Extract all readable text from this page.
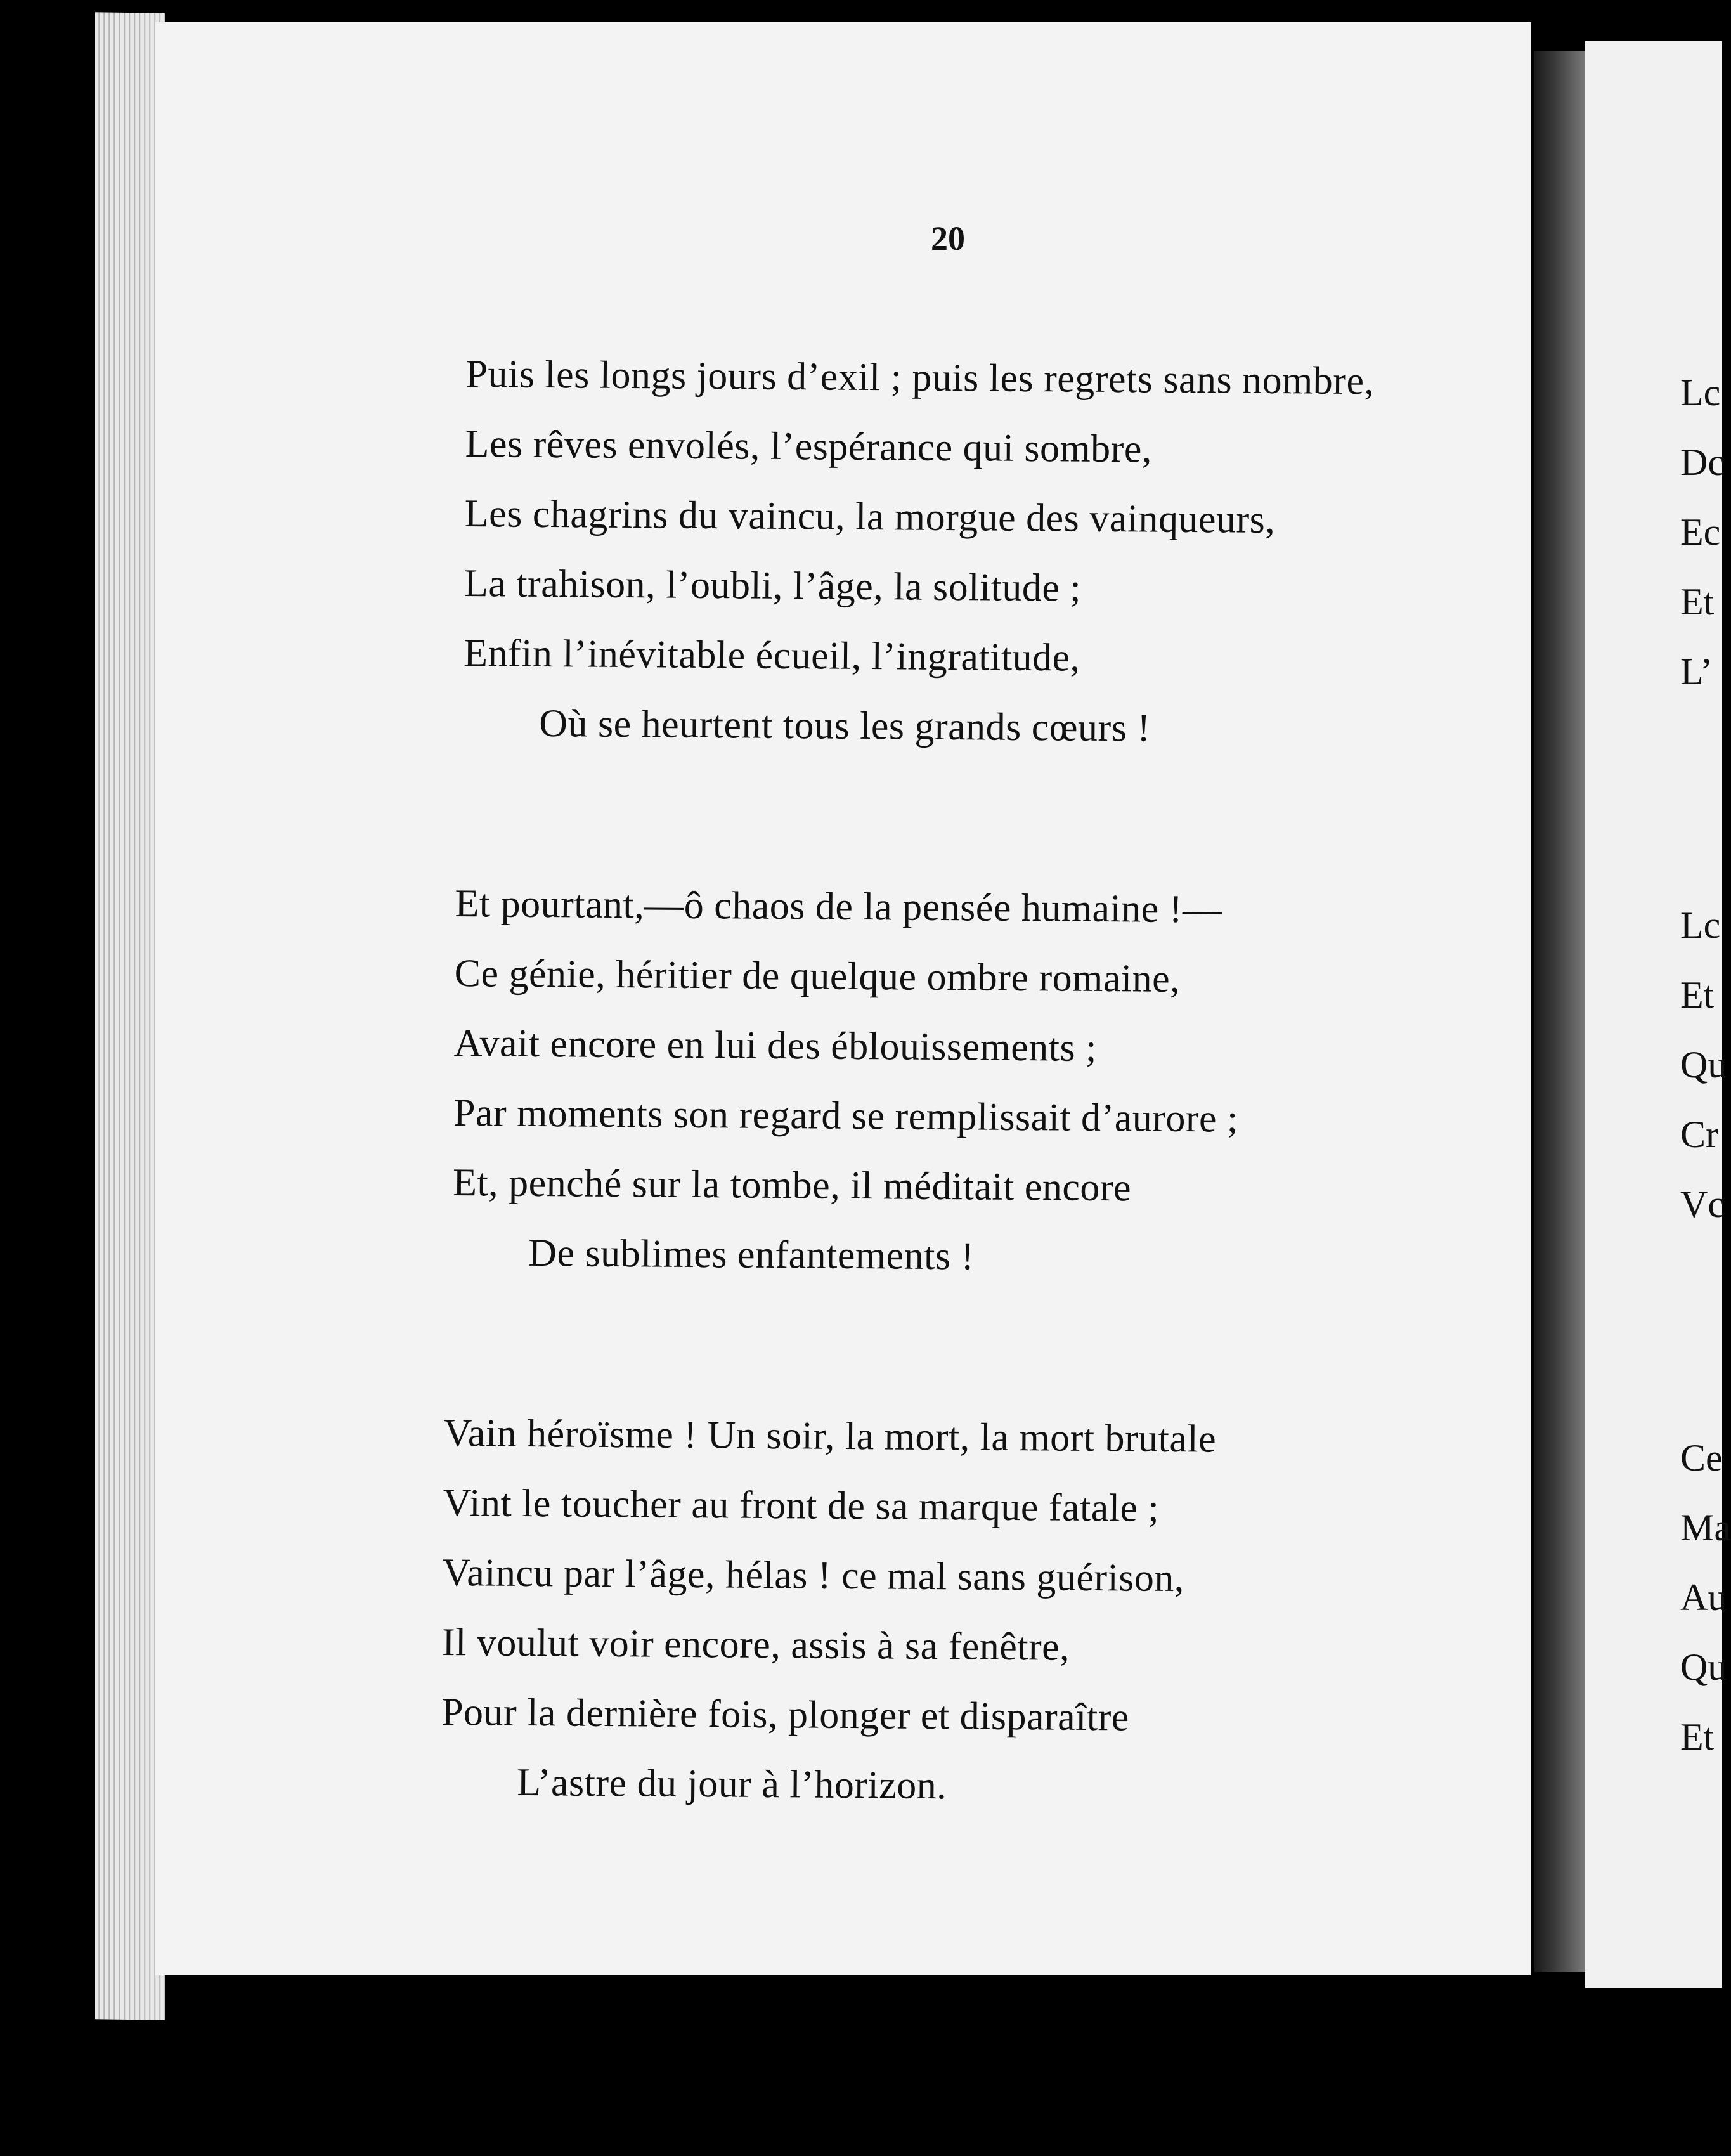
20
Puis les longs jours d’exil ; puis les regrets sans nombre,
Les rêves envolés, l’espérance qui sombre,
Les chagrins du vaincu, la morgue des vainqueurs,
La trahison, l’oubli, l’âge, la solitude ;
Enfin l’inévitable écueil, l’ingratitude,
Où se heurtent tous les grands cœurs !
Et pourtant,—ô chaos de la pensée humaine !—
Ce génie, héritier de quelque ombre romaine,
Avait encore en lui des éblouissements ;
Par moments son regard se remplissait d’aurore ;
Et, penché sur la tombe, il méditait encore
De sublimes enfantements !
Vain héroïsme ! Un soir, la mort, la mort brutale
Vint le toucher au front de sa marque fatale ;
Vaincu par l’âge, hélas ! ce mal sans guérison,
Il voulut voir encore, assis à sa fenêtre,
Pour la dernière fois, plonger et disparaître
L’astre du jour à l’horizon.
Lc
Dc
Ec
Et
L’
Lc
Et
Qu
Cr
Vc
Ce
Ma
Au
Qu
Et
